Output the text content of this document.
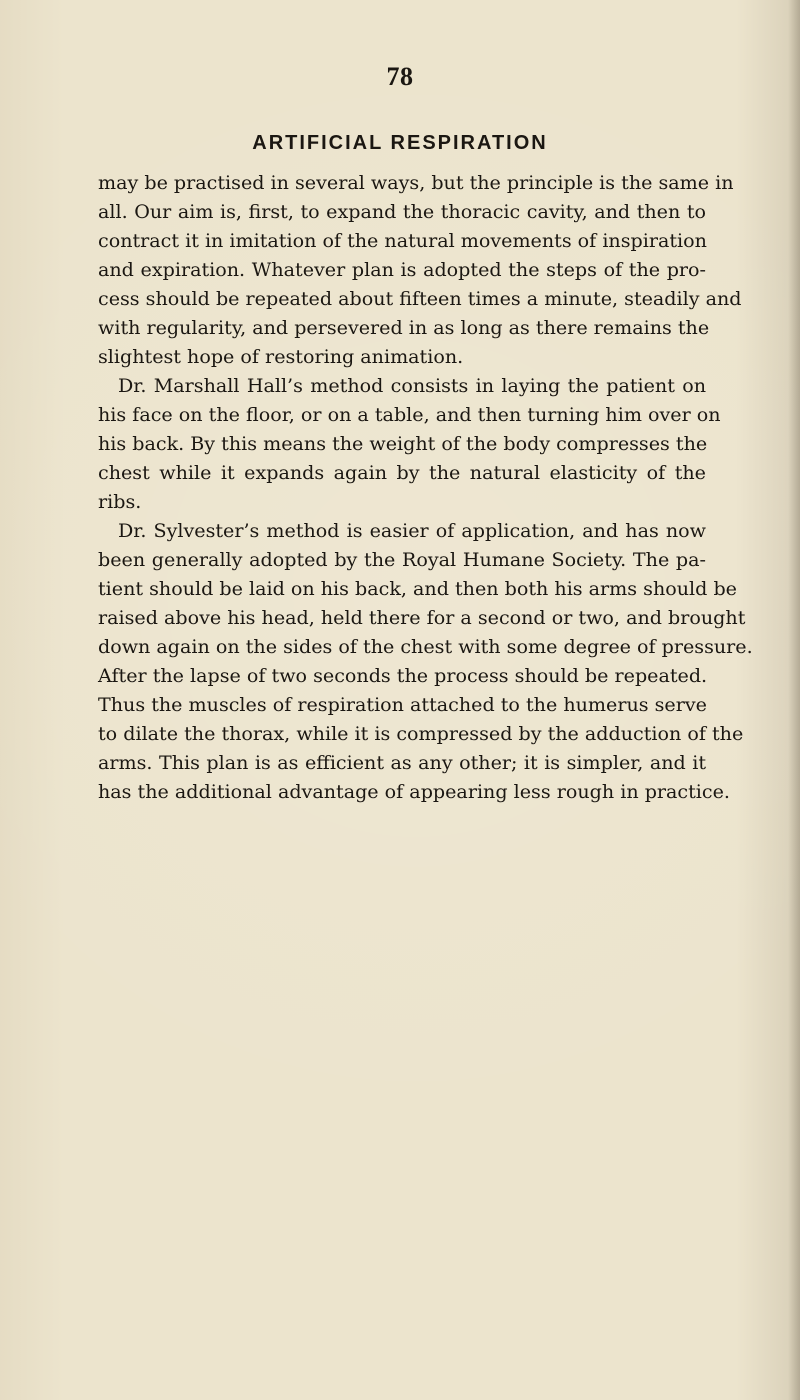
78
ARTIFICIAL RESPIRATION
may be practised in several ways, but the principle is the same in
all. Our aim is, first, to expand the thoracic cavity, and then to
contract it in imitation of the natural movements of inspiration
and expiration. Whatever plan is adopted the steps of the pro-
cess should be repeated about fifteen times a minute, steadily and
with regularity, and persevered in as long as there remains the
slightest hope of restoring animation.
Dr. Marshall Hall’s method consists in laying the patient on
his face on the floor, or on a table, and then turning him over on
his back. By this means the weight of the body compresses the
chest while it expands again by the natural elasticity of the
ribs.
Dr. Sylvester’s method is easier of application, and has now
been generally adopted by the Royal Humane Society. The pa-
tient should be laid on his back, and then both his arms should be
raised above his head, held there for a second or two, and brought
down again on the sides of the chest with some degree of pressure.
After the lapse of two seconds the process should be repeated.
Thus the muscles of respiration attached to the humerus serve
to dilate the thorax, while it is compressed by the adduction of the
arms. This plan is as efficient as any other; it is simpler, and it
has the additional advantage of appearing less rough in practice.
